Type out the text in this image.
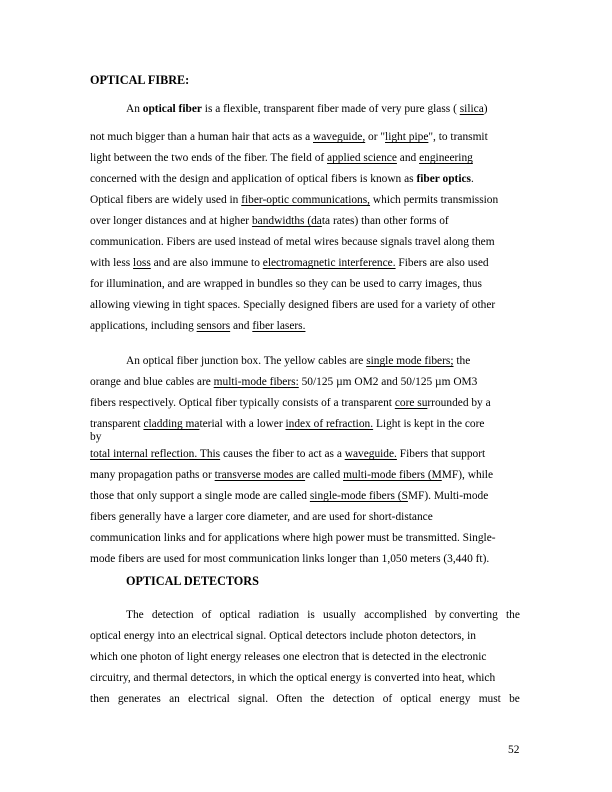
OPTICAL FIBRE:
An optical fiber is a flexible, transparent fiber made of very pure glass ( silica)
not much bigger than a human hair that acts as a waveguide, or "light pipe", to transmit
light between the two ends of the fiber. The field of applied science and engineering
concerned with the design and application of optical fibers is known as fiber optics.
Optical fibers are widely used in fiber-optic communications, which permits transmission
over longer distances and at higher bandwidths (data rates) than other forms of
communication. Fibers are used instead of metal wires because signals travel along them
with less loss and are also immune to electromagnetic interference. Fibers are also used
for illumination, and are wrapped in bundles so they can be used to carry images, thus
allowing viewing in tight spaces. Specially designed fibers are used for a variety of other
applications, including sensors and fiber lasers.
An optical fiber junction box. The yellow cables are single mode fibers; the
orange and blue cables are multi-mode fibers: 50/125 µm OM2 and 50/125 µm OM3
fibers respectively. Optical fiber typically consists of a transparent core surrounded by a
transparent cladding material with a lower index of refraction. Light is kept in the core
by
total internal reflection. This causes the fiber to act as a waveguide. Fibers that support
many propagation paths or transverse modes are called multi-mode fibers (MMF), while
those that only support a single mode are called single-mode fibers (SMF). Multi-mode
fibers generally have a larger core diameter, and are used for short-distance
communication links and for applications where high power must be transmitted. Single-
mode fibers are used for most communication links longer than 1,050 meters (3,440 ft).
OPTICAL DETECTORS
The detection of optical radiation is usually accomplished by converting the
optical energy into an electrical signal. Optical detectors include photon detectors, in
which one photon of light energy releases one electron that is detected in the electronic
circuitry, and thermal detectors, in which the optical energy is converted into heat, which
then generates an electrical signal. Often the detection of optical energy must be
52
